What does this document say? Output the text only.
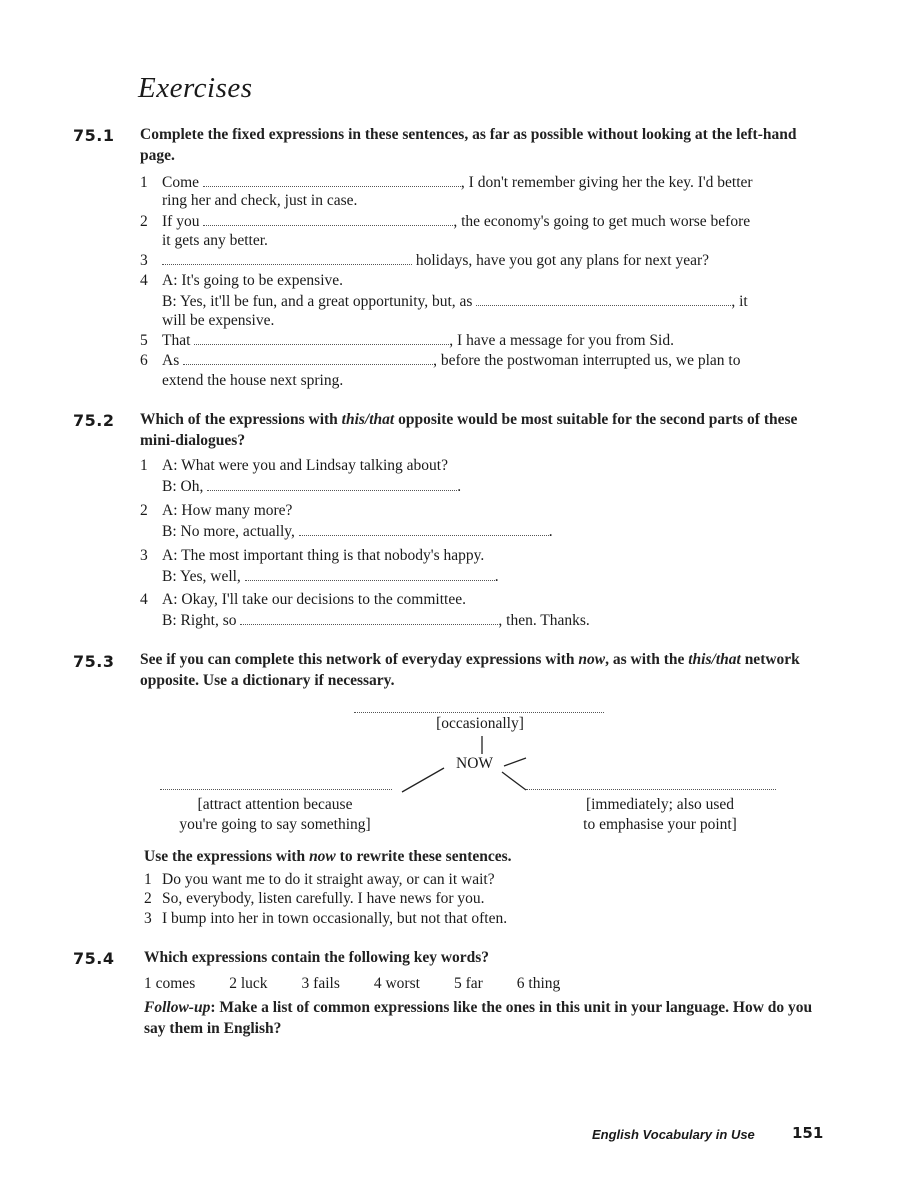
Exercises
75.1 Complete the fixed expressions in these sentences, as far as possible without looking at the left-hand page.
1 Come	, I don't remember giving her the key. I'd better
ring her and check, just in case.
2 If you	, the economy's going to get much worse before
it gets any better.
3	holidays, have you got any plans for next year?
4 A: It's going to be expensive.
B: Yes, it'll be fun, and a great opportunity, but, as	, it
will be expensive.
5 That	, I have a message for you from Sid.
6 As	, before the postwoman interrupted us, we plan to
extend the house next spring.
75.2 Which of the expressions with this/that opposite would be most suitable for the second parts of these mini-dialogues?
1 A: What were you and Lindsay talking about?
B: Oh,	.
2 A: How many more?
B: No more, actually,	.
3 A: The most important thing is that nobody's happy.
B: Yes, well,	.
4 A: Okay, I'll take our decisions to the committee.
B: Right, so	, then. Thanks.
75.3 See if you can complete this network of everyday expressions with now, as with the this/that network opposite. Use a dictionary if necessary.
[occasionally]
NOW
[attract attention because
you're going to say something]
[immediately; also used
to emphasise your point]
Use the expressions with now to rewrite these sentences.
1 Do you want me to do it straight away, or can it wait?
2 So, everybody, listen carefully. I have news for you.
3 I bump into her in town occasionally, but not that often.
75.4 Which expressions contain the following key words?
1 comes 2 luck 3 fails 4 worst 5 far 6 thing
Follow-up: Make a list of common expressions like the ones in this unit in your language. How do you say them in English?
English Vocabulary in Use 151
